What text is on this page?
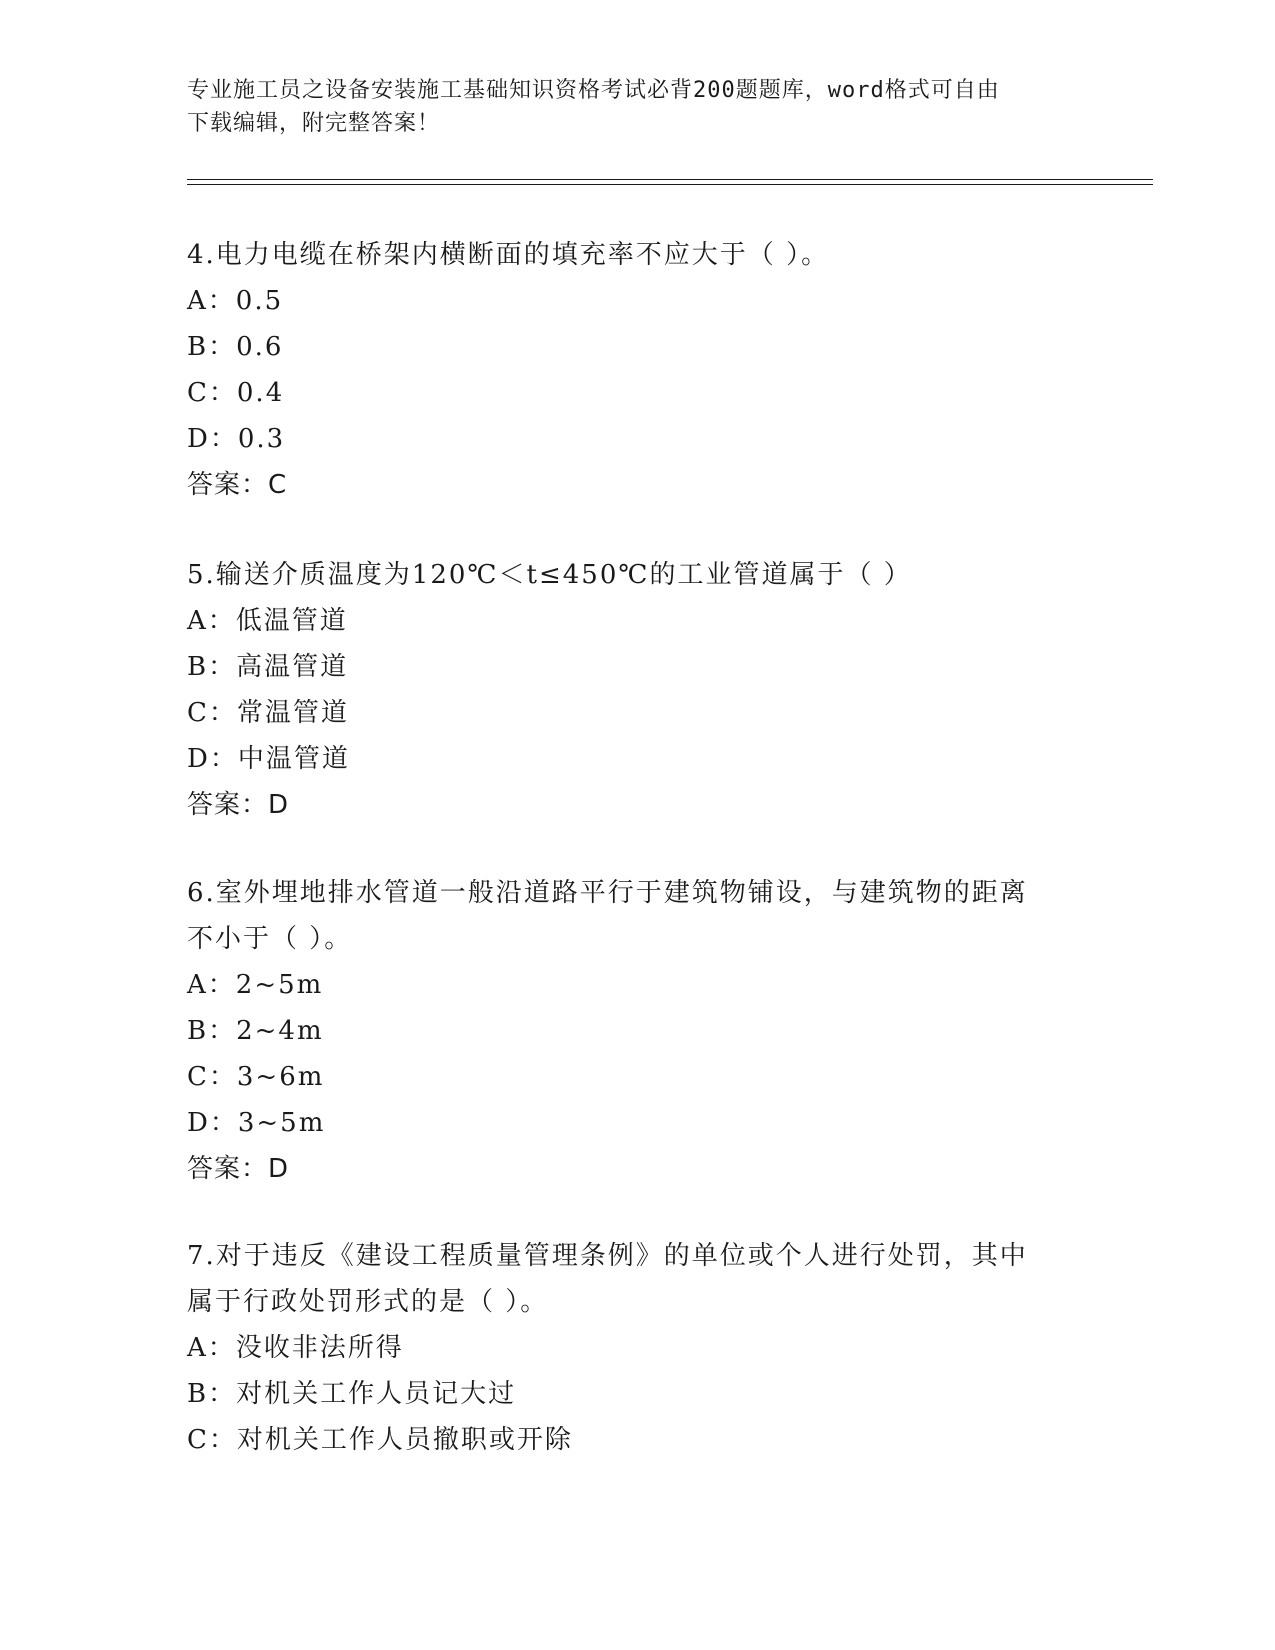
专业施工员之设备安装施工基础知识资格考试必背200题题库，word格式可自由
下载编辑，附完整答案！
4.电力电缆在桥架内横断面的填充率不应大于（ ）。
A：0.5
B：0.6
C：0.4
D：0.3
答案：C
5.输送介质温度为120℃＜t≤450℃的工业管道属于（ ）
A：低温管道
B：高温管道
C：常温管道
D：中温管道
答案：D
6.室外埋地排水管道一般沿道路平行于建筑物铺设，与建筑物的距离
不小于（ ）。
A：2~5m
B：2~4m
C：3~6m
D：3~5m
答案：D
7.对于违反《建设工程质量管理条例》的单位或个人进行处罚，其中
属于行政处罚形式的是（ ）。
A：没收非法所得
B：对机关工作人员记大过
C：对机关工作人员撤职或开除
